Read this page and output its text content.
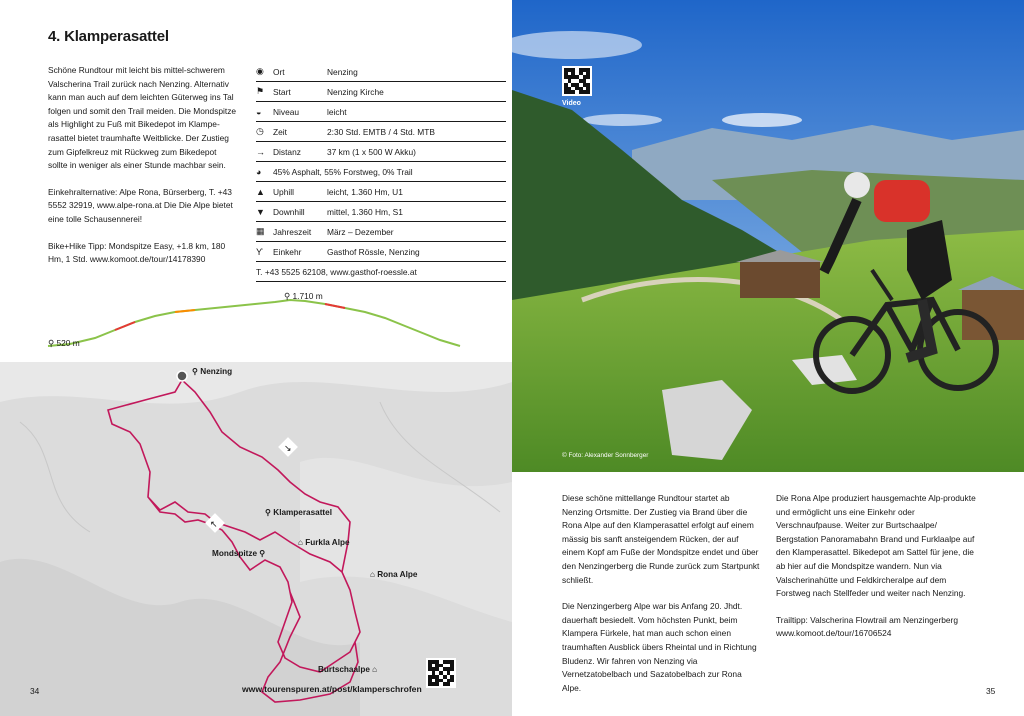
4. Klamperasattel

Schöne Rundtour mit leicht bis mittel-schwerem Valscherina Trail zurück nach Nenzing. Alternativ kann man auch auf dem leichten Güterweg ins Tal folgen und somit den Trail meiden. Die Mondspitze als Highlight zu Fuß mit Bikedepot im Klampe-rasattel bietet traumhafte Weitblicke. Der Zustieg zum Gipfelkreuz mit Rückweg zum Bikedepot sollte in weniger als einer Stunde machbar sein.

Einkehralternative: Alpe Rona, Bürserberg, T. +43 5552 32919, www.alpe-rona.at Die Die Alpe bietet eine tolle Schausennerei!

Bike+Hike Tipp: Mondspitze Easy, +1.8 km, 180 Hm, 1 Std. www.komoot.de/tour/14178390

◉	Ort	Nenzing
⚑	Start	Nenzing Kirche
◒	Niveau	leicht
◷	Zeit	2:30 Std. EMTB / 4 Std. MTB
→ Distanz	37 km (1 x 500 W Akku)
◕	45% Asphalt, 55% Forstweg, 0% Trail
▲ Uphill	leicht, 1.360 Hm, U1
▼ Downhill	mittel, 1.360 Hm, S1
▦	Jahreszeit	März – Dezember
ϒ	Einkehr	Gasthof Rössle, Nenzing
T. +43 5525 62108, www.gasthof-roessle.at
⚲ 1.710 m
⚲ 520 m
↘
↖
⚲ Nenzing
⚲ Klamperasattel
⌂ Furkla Alpe
Mondspitze ⚲
⌂ Rona Alpe
Burtschaalpe ⌂
www.tourenspuren.at/post/klamperschrofen
34
Video
© Foto: Alexander Sonnberger

Diese schöne mittellange Rundtour startet ab Nenzing Ortsmitte. Der Zustieg via Brand über die Rona Alpe auf den Klamperasattel erfolgt auf einem mässig bis sanft ansteigendem Rücken, der auf einem Kopf am Fuße der Mondspitze endet und über den Nenzingerberg die Runde zurück zum Startpunkt schließt.

Die Nenzingerberg Alpe war bis Anfang 20. Jhdt. dauerhaft besiedelt. Vom höchsten Punkt, beim Klampera Fürkele, hat man auch schon einen traumhaften Ausblick übers Rheintal und in Richtung Bludenz. Wir fahren von Nenzing via Vernetzatobelbach und Sazatobelbach zur Rona Alpe.

Die Rona Alpe produziert hausgemachte Alp-produkte und ermöglicht uns eine Einkehr oder Verschnaufpause. Weiter zur Burtschaalpe/ Bergstation Panoramabahn Brand und Furklaalpe auf den Klamperasattel. Bikedepot am Sattel für jene, die ab hier auf die Mondspitze wandern. Nun via Valscherinahütte und Feldkircheralpe auf dem Forstweg nach Stellfeder und weiter nach Nenzing.

Trailtipp: Valscherina Flowtrail am Nenzingerberg www.komoot.de/tour/16706524

35
